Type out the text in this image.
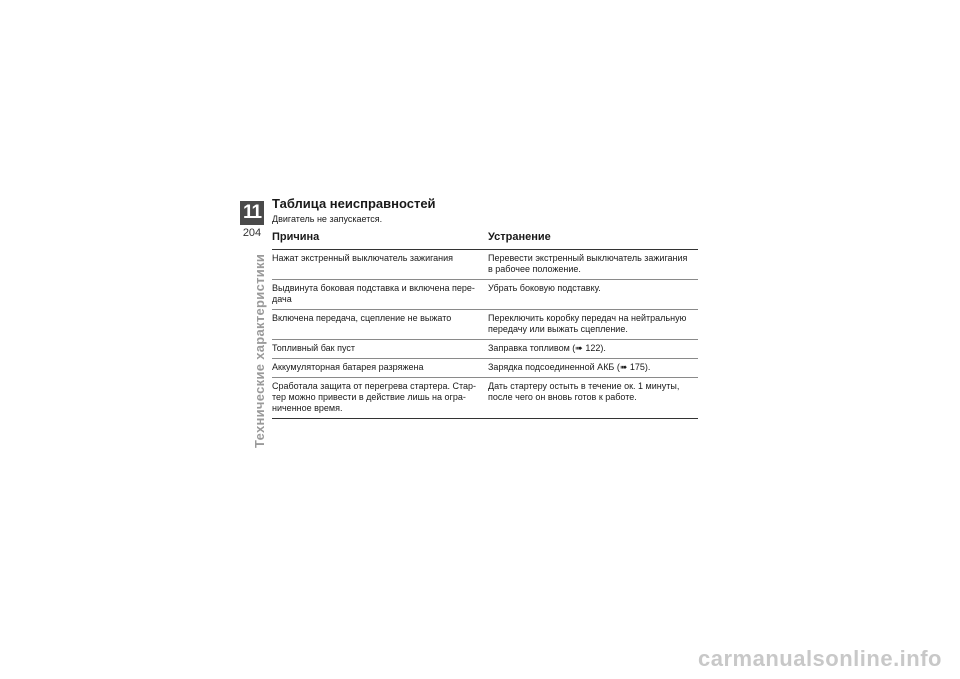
11
204
Технические характеристики
Таблица неисправностей

Двигатель не запускается.

Причина	Устранение
Нажат экстренный выключатель зажигания	Перевести экстренный выключатель зажигания в рабочее положение.
Выдвинута боковая подставка и включена пере-дача	Убрать боковую подставку.
Включена передача, сцепление не выжато	Переключить коробку передач на нейтральную передачу или выжать сцепление.
Топливный бак пуст	Заправка топливом (➠ 122).
Аккумуляторная батарея разряжена	Зарядка подсоединенной АКБ (➠ 175).
Сработала защита от перегрева стартера. Стар-тер можно привести в действие лишь на огра-ниченное время.	Дать стартеру остыть в течение ок. 1 минуты, после чего он вновь готов к работе.
carmanualsonline.info
